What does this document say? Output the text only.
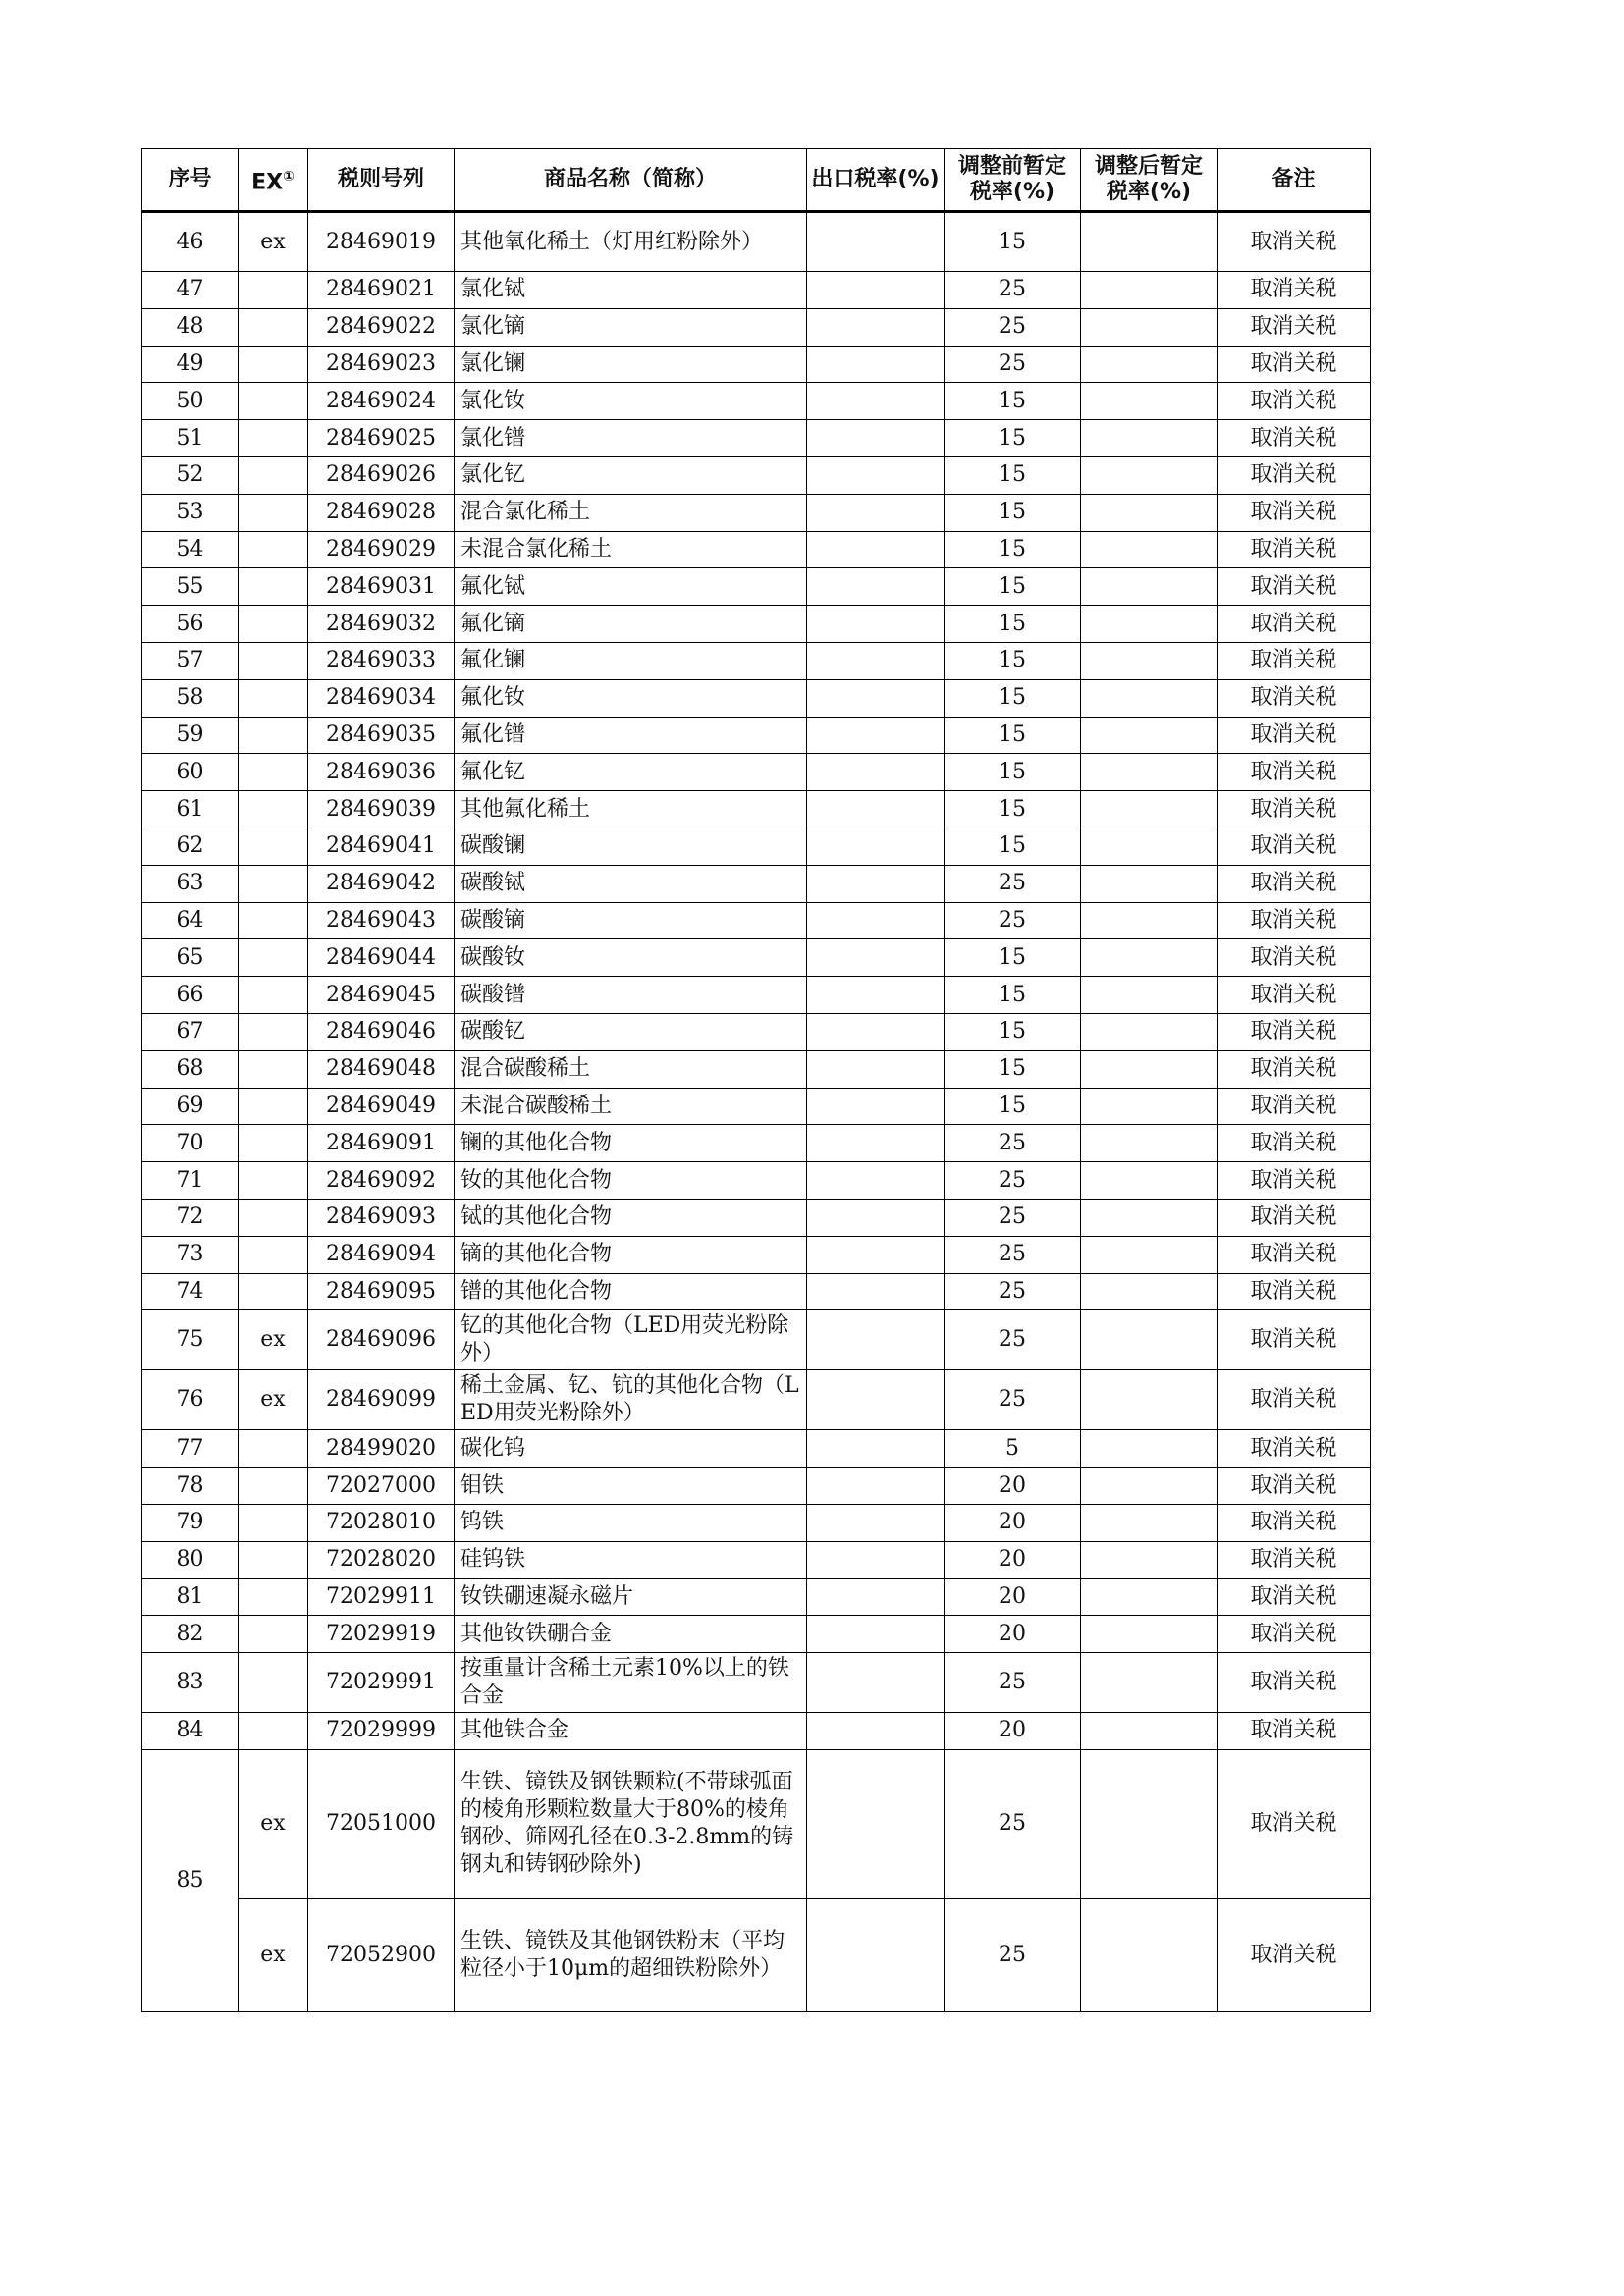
序号	EX①	税则号列	商品名称（简称）	出口税率(%)	调整前暂定税率(%)	调整后暂定税率(%)	备注
46	ex	28469019	其他氧化稀土（灯用红粉除外）		15		取消关税
47		28469021	氯化铽		25		取消关税
48		28469022	氯化镝		25		取消关税
49		28469023	氯化镧		25		取消关税
50		28469024	氯化钕		15		取消关税
51		28469025	氯化镨		15		取消关税
52		28469026	氯化钇		15		取消关税
53		28469028	混合氯化稀土		15		取消关税
54		28469029	未混合氯化稀土		15		取消关税
55		28469031	氟化铽		15		取消关税
56		28469032	氟化镝		15		取消关税
57		28469033	氟化镧		15		取消关税
58		28469034	氟化钕		15		取消关税
59		28469035	氟化镨		15		取消关税
60		28469036	氟化钇		15		取消关税
61		28469039	其他氟化稀土		15		取消关税
62		28469041	碳酸镧		15		取消关税
63		28469042	碳酸铽		25		取消关税
64		28469043	碳酸镝		25		取消关税
65		28469044	碳酸钕		15		取消关税
66		28469045	碳酸镨		15		取消关税
67		28469046	碳酸钇		15		取消关税
68		28469048	混合碳酸稀土		15		取消关税
69		28469049	未混合碳酸稀土		15		取消关税
70		28469091	镧的其他化合物		25		取消关税
71		28469092	钕的其他化合物		25		取消关税
72		28469093	铽的其他化合物		25		取消关税
73		28469094	镝的其他化合物		25		取消关税
74		28469095	镨的其他化合物		25		取消关税
75	ex	28469096	钇的其他化合物（LED用荧光粉除外）		25		取消关税
76	ex	28469099	稀土金属、钇、钪的其他化合物（LED用荧光粉除外）		25		取消关税
77		28499020	碳化钨		5		取消关税
78		72027000	钼铁		20		取消关税
79		72028010	钨铁		20		取消关税
80		72028020	硅钨铁		20		取消关税
81		72029911	钕铁硼速凝永磁片		20		取消关税
82		72029919	其他钕铁硼合金		20		取消关税
83		72029991	按重量计含稀土元素10%以上的铁合金		25		取消关税
84		72029999	其他铁合金		20		取消关税
85	ex	72051000	生铁、镜铁及钢铁颗粒(不带球弧面的棱角形颗粒数量大于80%的棱角钢砂、筛网孔径在0.3-2.8mm的铸钢丸和铸钢砂除外)		25		取消关税
	ex	72052900	生铁、镜铁及其他钢铁粉末（平均粒径小于10μm的超细铁粉除外）		25		取消关税
